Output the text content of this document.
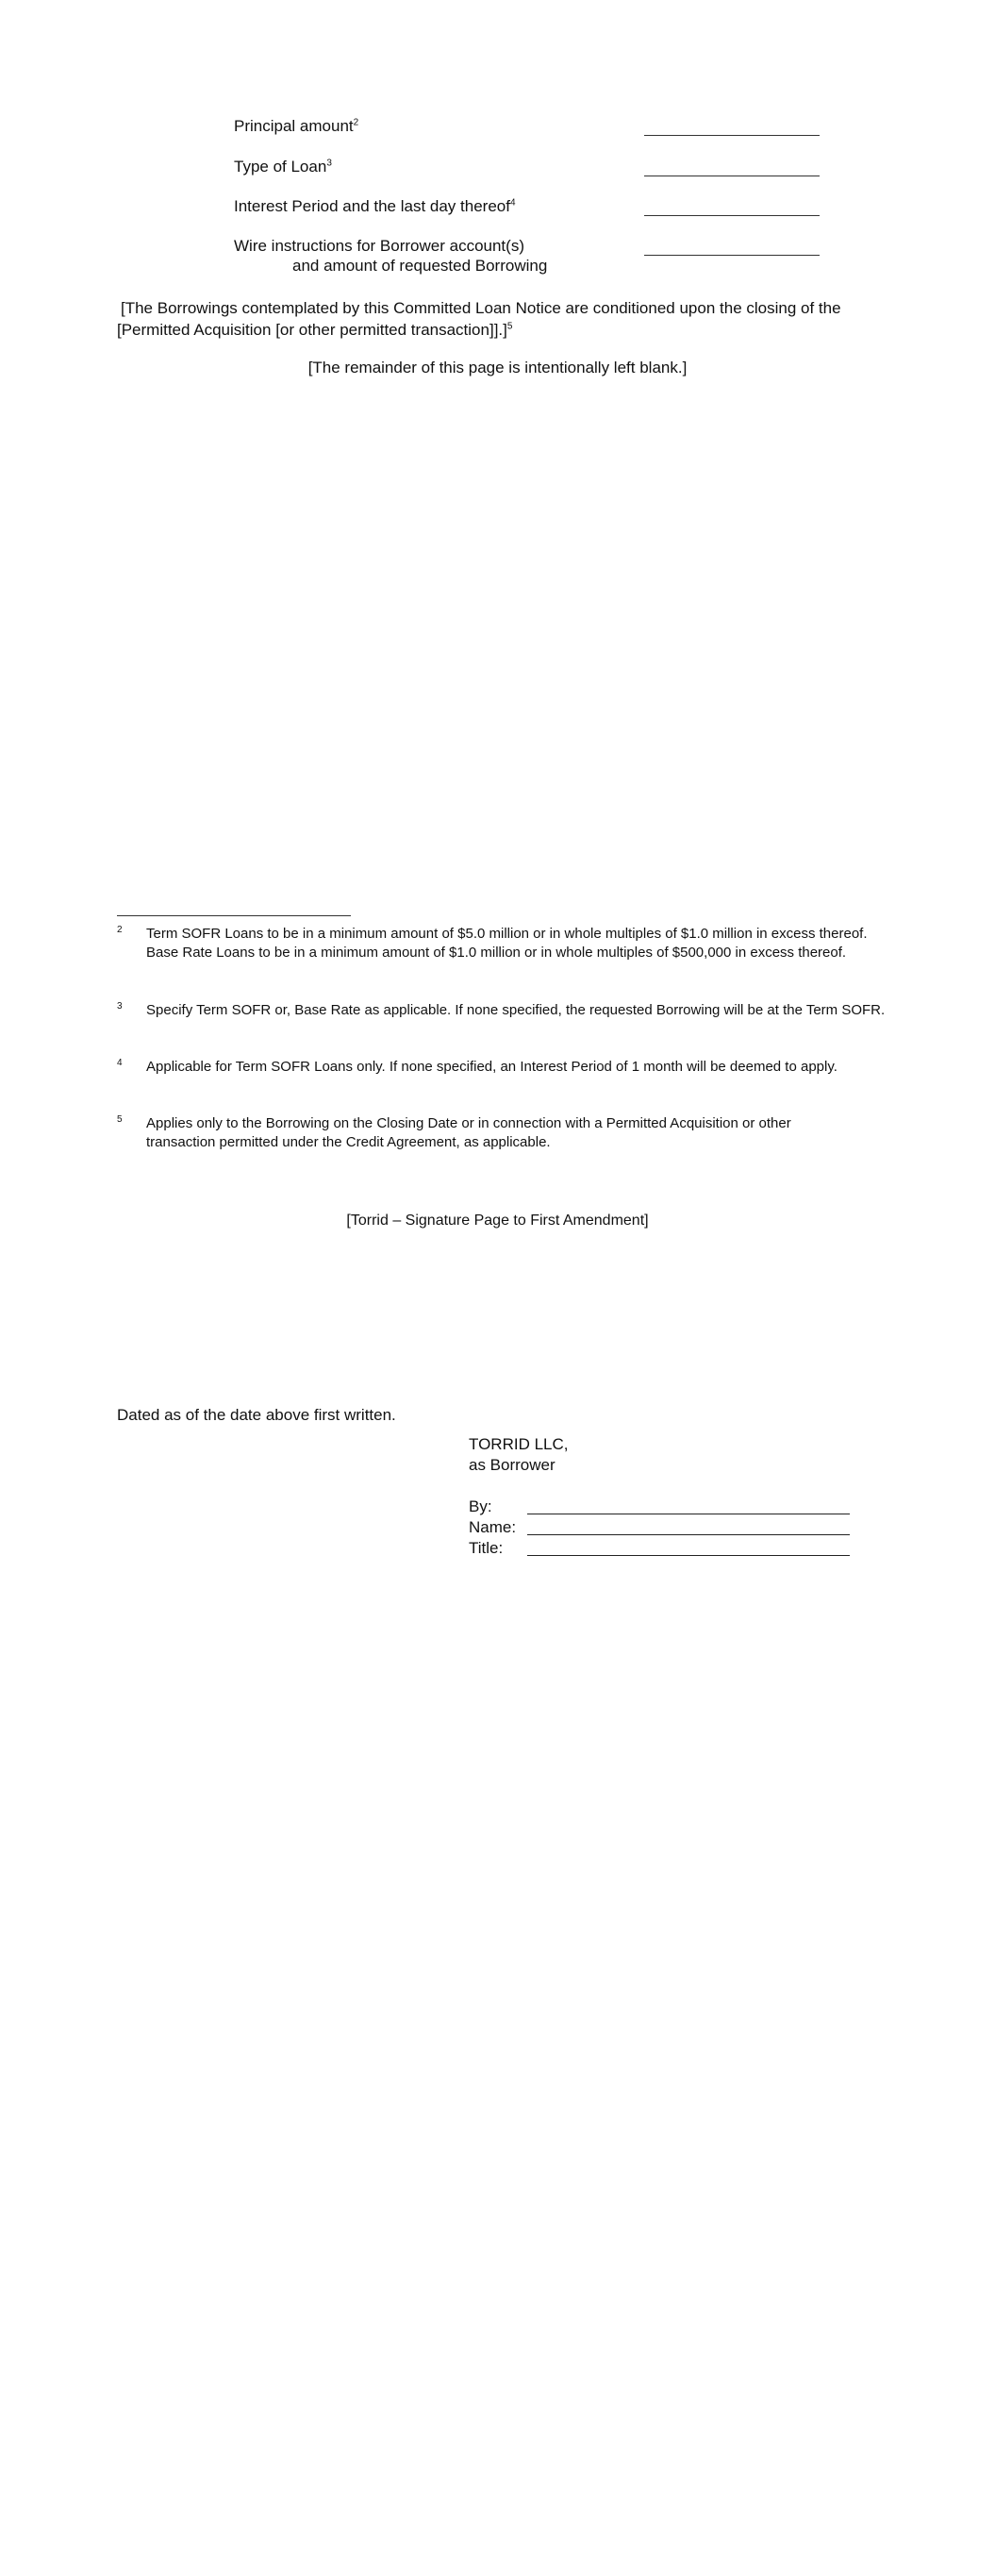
Principal amount$^2$
Type of Loan$^3$
Interest Period and the last day thereof$^4$
Wire instructions for Borrower account(s)
and amount of requested Borrowing
[The Borrowings contemplated by this Committed Loan Notice are conditioned upon the closing of the
[Permitted Acquisition [or other permitted transaction]].]$^5$
[The remainder of this page is intentionally left blank.]
2 Term SOFR Loans to be in a minimum amount of $5.0 million or in whole multiples of $1.0 million in excess thereof. Base Rate Loans to be in a minimum amount of $1.0 million or in whole multiples of $500,000 in excess thereof.
3 Specify Term SOFR or, Base Rate as applicable. If none specified, the requested Borrowing will be at the Term SOFR.
4 Applicable for Term SOFR Loans only. If none specified, an Interest Period of 1 month will be deemed to apply.
5 Applies only to the Borrowing on the Closing Date or in connection with a Permitted Acquisition or other transaction permitted under the Credit Agreement, as applicable.
[Torrid – Signature Page to First Amendment]
Dated as of the date above first written.
TORRID LLC,
as Borrower
By:
Name:
Title:
